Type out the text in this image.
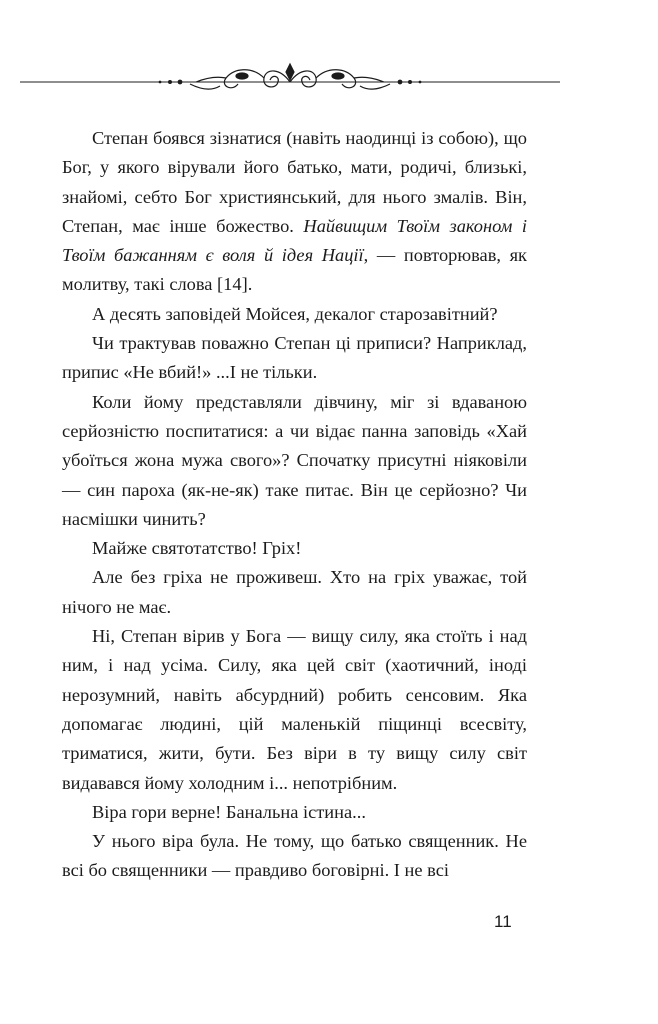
Степан боявся зізнатися (навіть наодинці із собою), що Бог, у якого вірували його батько, мати, родичі, близькі, знайомі, себто Бог християнський, для нього змалів. Він, Степан, має інше божество. Найвищим Твоїм законом і Твоїм бажанням є воля й ідея Нації, — повторював, як молитву, такі слова [14].

А десять заповідей Мойсея, декалог старозавітний?

Чи трактував поважно Степан ці приписи? Наприклад, припис «Не вбий!» ...І не тільки.

Коли йому представляли дівчину, міг зі вдаваною серйозністю поспитатися: а чи відає панна заповідь «Хай убоїться жона мужа свого»? Спочатку присутні ніяковіли — син пароха (як-не-як) таке питає. Він це серйозно? Чи насмішки чинить?

Майже святотатство! Гріх!

Але без гріха не проживеш. Хто на гріх уважає, той нічого не має.

Ні, Степан вірив у Бога — вищу силу, яка стоїть і над ним, і над усіма. Силу, яка цей світ (хаотичний, іноді нерозумний, навіть абсурдний) робить сенсовим. Яка допомагає людині, цій маленькій піщинці всесвіту, триматися, жити, бути. Без віри в ту вищу силу світ видавався йому холодним і... непотрібним.

Віра гори верне! Банальна істина...

У нього віра була. Не тому, що батько священник. Не всі бо священники — правдиво боговірні. І не всі

11
